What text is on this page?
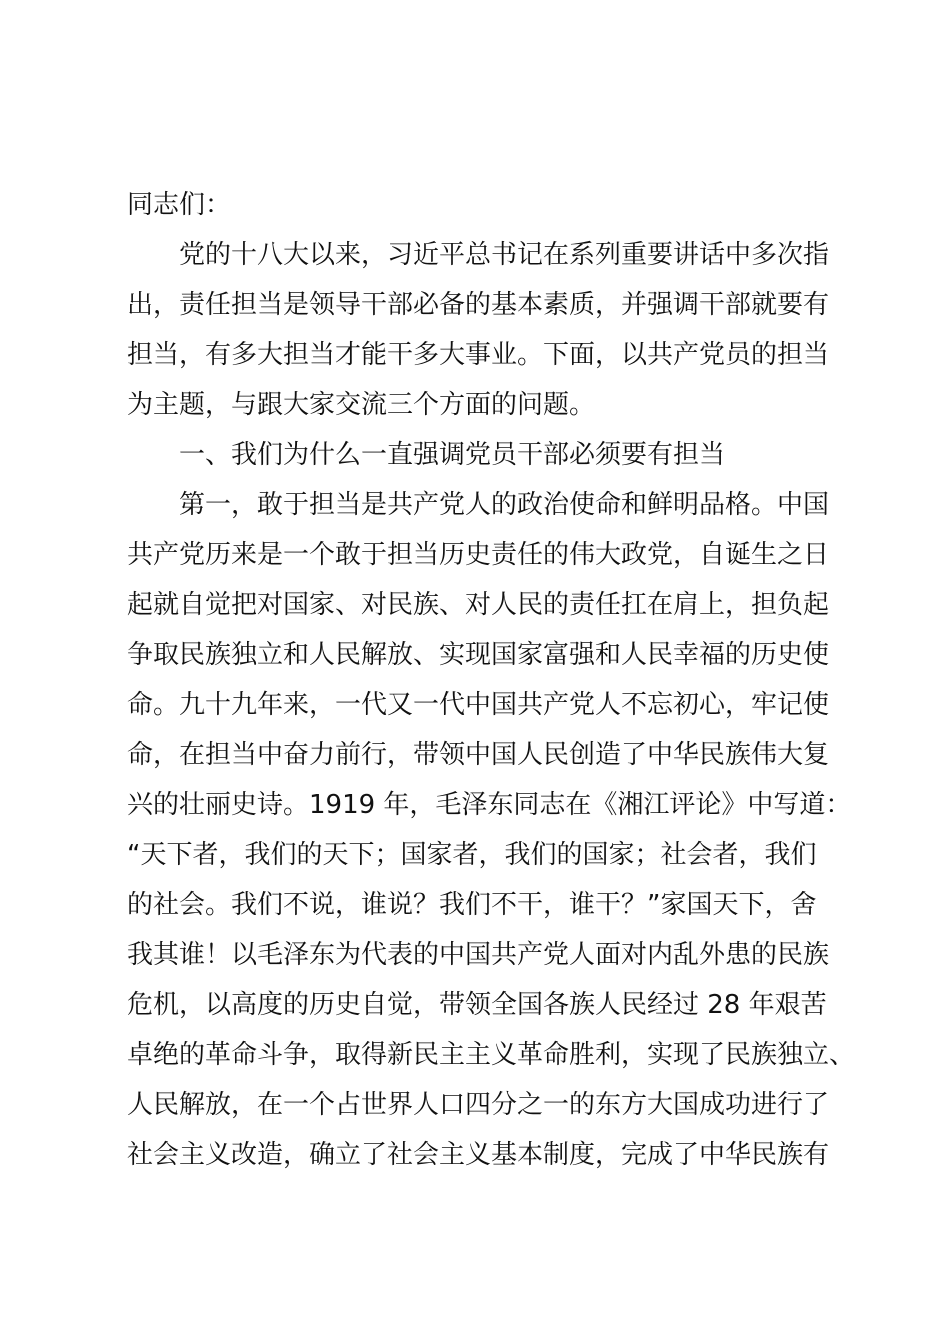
同志们：
党的十八大以来，习近平总书记在系列重要讲话中多次指
出，责任担当是领导干部必备的基本素质，并强调干部就要有
担当，有多大担当才能干多大事业。下面，以共产党员的担当
为主题，与跟大家交流三个方面的问题。
一、我们为什么一直强调党员干部必须要有担当
第一，敢于担当是共产党人的政治使命和鲜明品格。中国
共产党历来是一个敢于担当历史责任的伟大政党，自诞生之日
起就自觉把对国家、对民族、对人民的责任扛在肩上，担负起
争取民族独立和人民解放、实现国家富强和人民幸福的历史使
命。九十九年来，一代又一代中国共产党人不忘初心，牢记使
命，在担当中奋力前行，带领中国人民创造了中华民族伟大复
兴的壮丽史诗。1919 年，毛泽东同志在《湘江评论》中写道：
“天下者，我们的天下；国家者，我们的国家；社会者，我们
的社会。我们不说，谁说？我们不干，谁干？”家国天下，舍
我其谁！以毛泽东为代表的中国共产党人面对内乱外患的民族
危机，以高度的历史自觉，带领全国各族人民经过 28 年艰苦
卓绝的革命斗争，取得新民主主义革命胜利，实现了民族独立、
人民解放，在一个占世界人口四分之一的东方大国成功进行了
社会主义改造，确立了社会主义基本制度，完成了中华民族有
